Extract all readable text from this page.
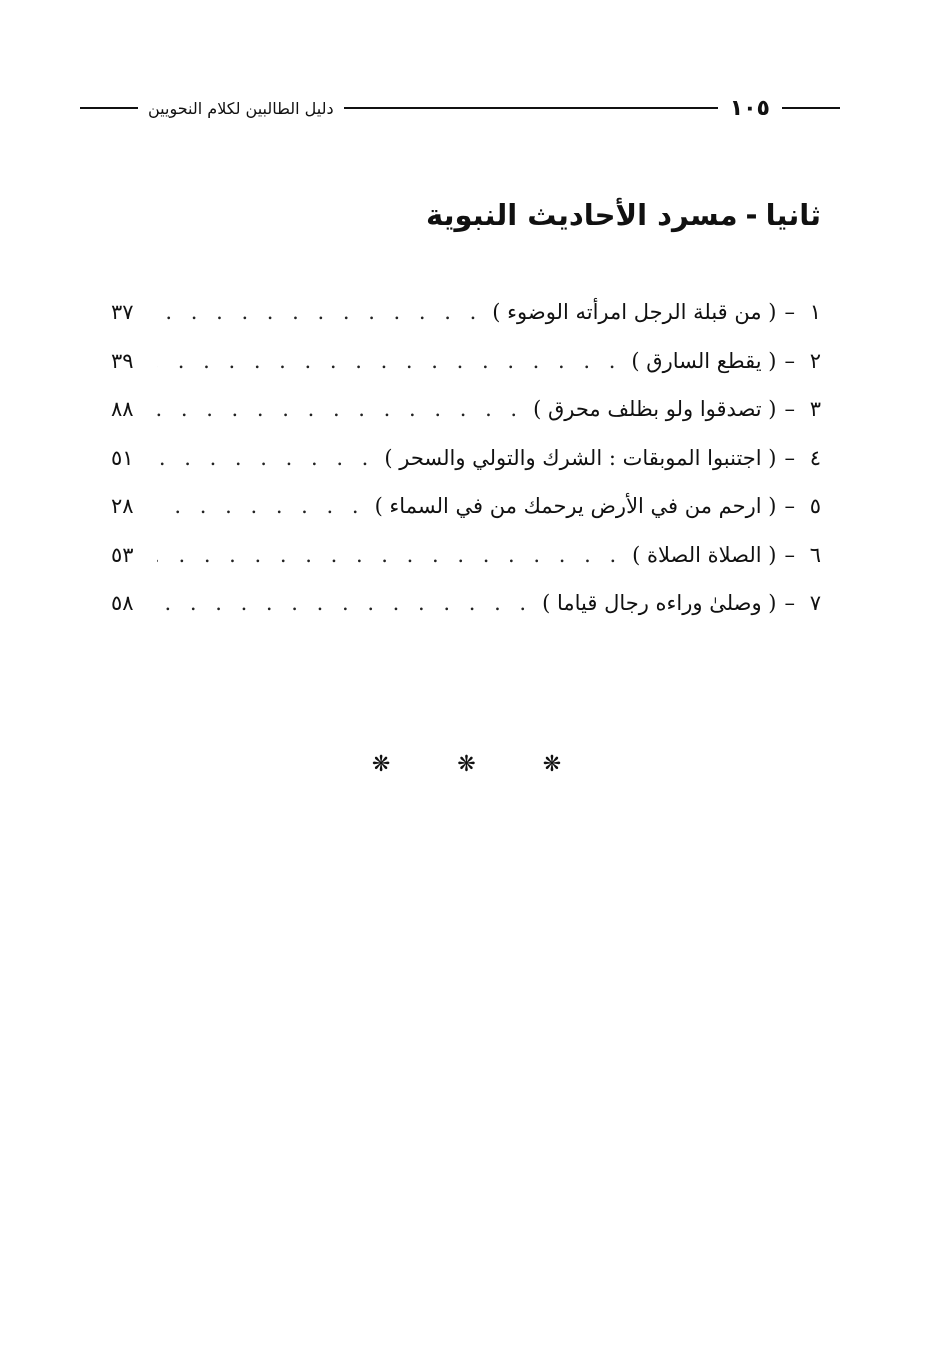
١٠٥
دليل الطالبين لكلام النحويين
ثانيا-مسرد الأحاديث النبوية
١
–
( من قبلة الرجل امرأته الوضوء )
. . .
٣٧
٢
–
( يقطع السارق )
. . .
٣٩
٣
–
( تصدقوا ولو بظلف محرق )
. . .
٨٨
٤
–
( اجتنبوا الموبقات : الشرك والتولي والسحر )
. . .
٥١
٥
–
( ارحم من في الأرض يرحمك من في السماء )
. . .
٢٨
٦
–
( الصلاة الصلاة )
. . .
٥٣
٧
–
( وصلىٰ وراءه رجال قياما )
. . .
٥٨
❋	❋	❋
